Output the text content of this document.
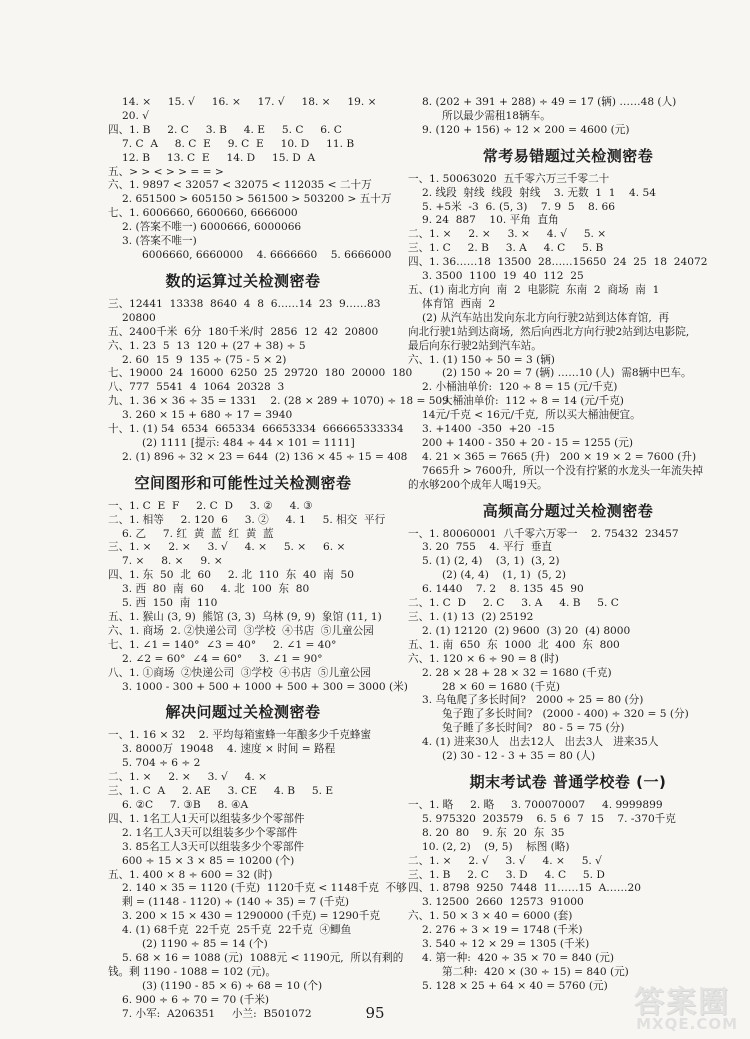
14. ×     15. √     16. ×     17. √     18. ×     19. ×
20. √
四、1. B     2. C     3. B     4. E     5. C     6. C
7. C  A     8. C  E     9. C  E     10. D     11. B
12. B     13. C  E     14. D     15. D  A
五、> > < > > = = >
六、1. 9897 < 32057 < 32075 < 112035 < 二十万
2. 651500 > 605150 > 561500 > 503200 > 五十万
七、1. 6006660, 6600660, 6666000
2. (答案不唯一) 6000666, 6000066
3. (答案不唯一)
6006660, 6660000    4. 6666660    5. 6666000
数的运算过关检测密卷
三、12441  13338  8640  4  8  6……14  23  9……83
20800
五、2400千米  6分  180千米/时  2856  12  42  20800
六、1. 23  5  13  120 + (27 + 38) ÷ 5
2. 60  15  9  135 ÷ (75 - 5 × 2)
七、19000  24  16000  6250  25  29720  180  20000  180
八、777  5541  4  1064  20328  3
九、1. 36 × 36 ÷ 35 = 1331    2. (28 × 289 + 1070) ÷ 18 = 509
3. 260 × 15 + 680 ÷ 17 = 3940
十、1. (1) 54  6534  665334  66653334  666665333334
(2) 1111 [提示: 484 ÷ 44 × 101 = 1111]
2. (1) 896 ÷ 32 × 23 = 644  (2) 136 × 45 ÷ 15 = 408
空间图形和可能性过关检测密卷
一、1. C  E  F     2. C  D     3. ②     4. ③
二、1. 相等     2. 120  6     3. ②     4. 1     5. 相交  平行
6. 乙     7. 红  黄  蓝  红  黄  蓝
三、1. ×     2. ×     3. √     4. ×     5. ×     6. ×
7. ×     8. ×     9. ×
四、1. 东  50  北  60     2. 北  110  东  40  南  50
3. 西  80  南  60     4. 北  100  东  80
5. 西  150  南  110
五、1. 猴山 (3, 9)  熊馆 (3, 3)  乌林 (9, 9)  象馆 (11, 1)
六、1. 商场  2. ②快递公司  ③学校  ④书店  ⑤儿童公园
七、1. ∠1 = 140°  ∠3 = 40°     2. ∠1 = 40°
2. ∠2 = 60°  ∠4 = 60°     3. ∠1 = 90°
八、1. ①商场  ②快递公司  ③学校  ④书店  ⑤儿童公园
3. 1000 - 300 + 500 + 1000 + 500 + 300 = 3000 (米)
解决问题过关检测密卷
一、1. 16 × 32    2. 平均每箱蜜蜂一年酿多少千克蜂蜜
3. 8000万  19048    4. 速度 × 时间 = 路程
5. 704 ÷ 6 ÷ 2
二、1. ×     2. ×     3. √     4. ×
三、1. C  A     2. AE     3. CE     4. B     5. E
6. ②C     7. ③B     8. ④A
四、1. 1名工人1天可以组装多少个零部件
2. 1名工人3天可以组装多少个零部件
3. 85名工人3天可以组装多少个零部件
600 ÷ 15 × 3 × 85 = 10200 (个)
五、1. 400 × 8 ÷ 600 = 32 (时)
2. 140 × 35 = 1120 (千克)  1120千克 < 1148千克  不够
剩 = (1148 - 1120) ÷ (140 ÷ 35) = 7 (千克)
3. 200 × 15 × 430 = 1290000 (千克) = 1290千克
4. (1) 68千克  22千克  25千克  22千克  ④鲫鱼
(2) 1190 ÷ 85 = 14 (个)
5. 68 × 16 = 1088 (元)  1088元 < 1190元,  所以有剩的
钱。剩 1190 - 1088 = 102 (元)。
(3) (1190 - 85 × 6) ÷ 68 = 10 (个)
6. 900 ÷ 6 ÷ 70 = 70 (千米)
7. 小军:  A206351     小兰:  B501072
8. (202 + 391 + 288) ÷ 49 = 17 (辆) ……48 (人)
所以最少需租18辆车。
9. (120 + 156) ÷ 12 × 200 = 4600 (元)
常考易错题过关检测密卷
一、1. 50063020  五千零六万三千零二十
2. 线段  射线  线段  射线    3. 无数  1  1    4. 54
5. +5米  -3  6. (5, 3)    7. 9  5    8. 66
9. 24  887    10. 平角  直角
二、1. ×     2. ×     3. ×     4. √     5. ×
三、1. C     2. B     3. A     4. C     5. B
四、1. 36……18  13500  28……15650  24  25  18  24072
3. 3500  1100  19  40  112  25
五、(1) 南北方向  南  2  电影院  东南  2  商场  南  1
体育馆  西南  2
(2) 从汽车站出发向东北方向行驶2站到达体育馆,  再
向北行驶1站到达商场,  然后向西北方向行驶2站到达电影院,
最后向东行驶2站到汽车站。
六、1. (1) 150 ÷ 50 = 3 (辆)
(2) 150 ÷ 20 = 7 (辆) ……10 (人)  需8辆中巴车。
2. 小桶油单价:  120 ÷ 8 = 15 (元/千克)
大桶油单价:  112 ÷ 8 = 14 (元/千克)
14元/千克 < 16元/千克,  所以买大桶油便宜。
3. +1400  -350  +20  -15
200 + 1400 - 350 + 20 - 15 = 1255 (元)
4. 21 × 365 = 7665 (升)   200 × 19 × 2 = 7600 (升)
7665升 > 7600升,  所以一个没有拧紧的水龙头一年流失掉
的水够200个成年人喝19天。
高频高分题过关检测密卷
一、1. 80060001  八千零六万零一    2. 75432  23457
3. 20  755    4. 平行  垂直
5. (1) (2, 4)    (3, 1)  (3, 2)
(2) (4, 4)    (1, 1)  (5, 2)
6. 1440    7. 2    8. 135  45  90
二、1. C  D     2. C     3. A     4. B     5. C
三、1. (1) 13  (2) 25192
2. (1) 12120  (2) 9600  (3) 20  (4) 8000
五、1. 南  650  东  1000  北  400  东  800
六、1. 120 × 6 ÷ 90 = 8 (时)
2. 28 × 28 + 28 × 32 = 1680 (千克)
28 × 60 = 1680 (千克)
3. 乌龟爬了多长时间?   2000 ÷ 25 = 80 (分)
兔子跑了多长时间?   (2000 - 400) ÷ 320 = 5 (分)
兔子睡了多长时间?   80 - 5 = 75 (分)
4. (1) 进来30人   出去12人   出去3人   进来35人
(2) 30 - 12 - 3 + 35 = 80 (人)
期末考试卷 普通学校卷 (一)
一、1. 略     2. 略     3. 700070007     4. 9999899
5. 975320  203579    6. 5  6  7  15    7. -370千克
8. 20  80    9. 东  20  东  35
10. (2, 2)    (9, 5)    标图 (略)
二、1. ×     2. √     3. √     4. ×     5. √
三、1. B     2. C     3. D     4. C     5. D
四、1. 8798  9250  7448  11……15  A……20
3. 12500  2660  12573  91000
六、1. 50 × 3 × 40 = 6000 (套)
2. 276 ÷ 3 × 19 = 1748 (千米)
3. 540 ÷ 12 × 29 = 1305 (千米)
4. 第一种:  420 ÷ 35 × 70 = 840 (元)
第二种:  420 × (30 ÷ 15) = 840 (元)
5. 128 × 25 + 64 × 40 = 5760 (元)
95	答案圈
MXQE.COM
